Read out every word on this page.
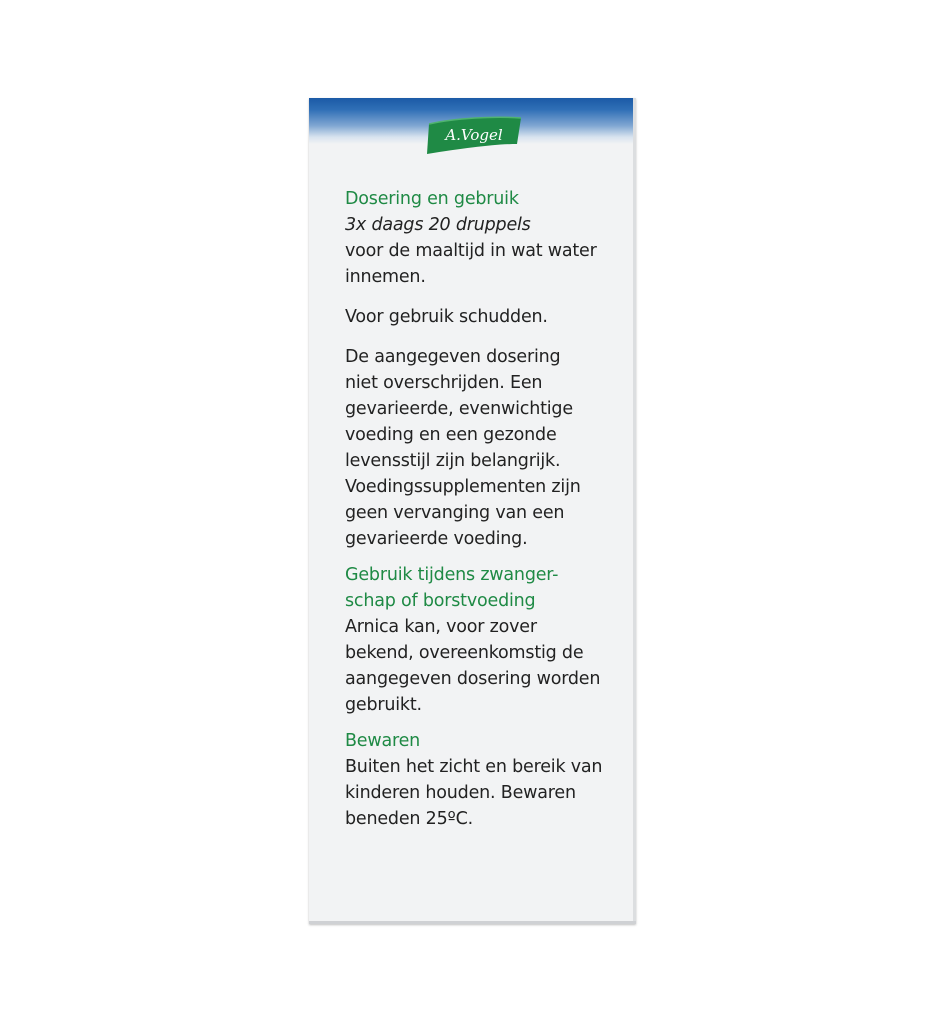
A.Vogel

Dosering en gebruik

3x daags 20 druppels

voor de maaltijd in wat water
innemen.

Voor gebruik schudden.

De aangegeven dosering
niet overschrijden. Een
gevarieerde, evenwichtige
voeding en een gezonde
levensstijl zijn belangrijk.
Voedingssupplementen zijn
geen vervanging van een
gevarieerde voeding.

Gebruik tijdens zwanger-
schap of borstvoeding

Arnica kan, voor zover
bekend, overeenkomstig de
aangegeven dosering worden
gebruikt.

Bewaren

Buiten het zicht en bereik van
kinderen houden. Bewaren
beneden 25ºC.
